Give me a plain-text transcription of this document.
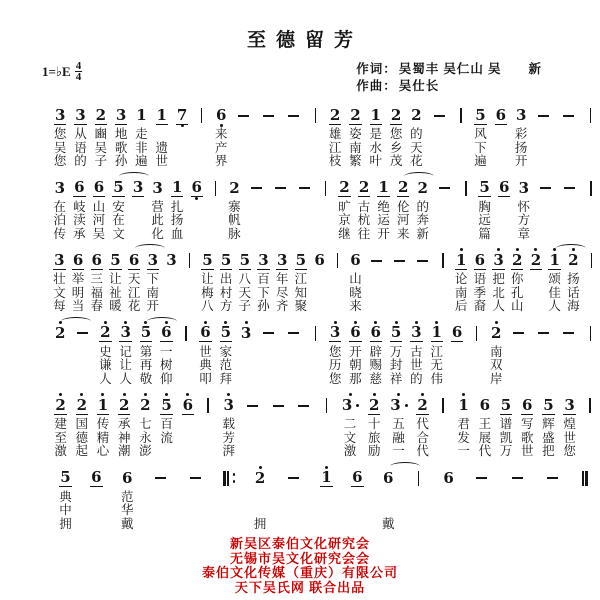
至德留芳
1=♭E $\frac{4}{4}$	作词： 吴蜀丰 吴仁山 吴　　新
作曲： 吴仕长
3 3 2 3 1 1 7 6	2 2 1 2 2	5 6 3
您 从 豳 地 走	来	雄 姿 是 您 的	风	彩
吴 语 吴 歌 非 遗	产	江 南 水 乡 天	下	扬
您 的 子 孙 遍 世	界	枝 繁 叶 茂 花	遍	开
3 6 6 5 3 3 1 6 2	2 2 1 2 2	5 6 3
在 岐 山 安 营 扎	寨	旷 古 绝 伦 的	胸 怀
泊 渎 河 在 此 扬	帆	京 杭 运 河 奔	远 方
传 承 吴 文 化 血	脉	继 往 开 来 新	篇 章
3 6 6 5 6 3 3 5 5 5 3 3 5 6 6	1 6 3 2 2 1 2
壮 举 三 让 天 下	让 出 八 百 年 江	山	论 语 把 你 颂 扬
文 明 福 祉 江 南	梅 村 天 下 尽 知	晓	南 季 北 孔 佳 话
每 当 春 暖 花 开	八 方 子 孙 齐 聚	来	后 裔 人 山 人 海
2 2 3 5 6 6 5 3	3 6 6 5 3 1 6 2
史 记 第 一	世 家	您 开 辟 万 古 江	南
谦 让 再 树	典 范	历 朝 赐 封 世 无	双
人 人 敬 仰	叩 拜	您 那 慈 祥 的 伟	岸
2 2 1 2 2 5 6 3	3 2 3 2 1 6 5 6 5 3
建 国 传 承 七 百	载	二 十 五 代	君 王 谱 写 辉 煌
至 德 精 神 永 流	芳	文 旅 融 合	发 展 凯 歌 盛 世
激 起 心 潮 澎	湃	激 励 一 代	一 代 万 世 把 您
5 6 6	2	1 6 6	6
典	范
中	华
拥	戴	拥	戴
新吴区泰伯文化研究会
无锡市吴文化研究会会
泰伯文化传媒（重庆）有限公司
天下吴氏网 联合出品
